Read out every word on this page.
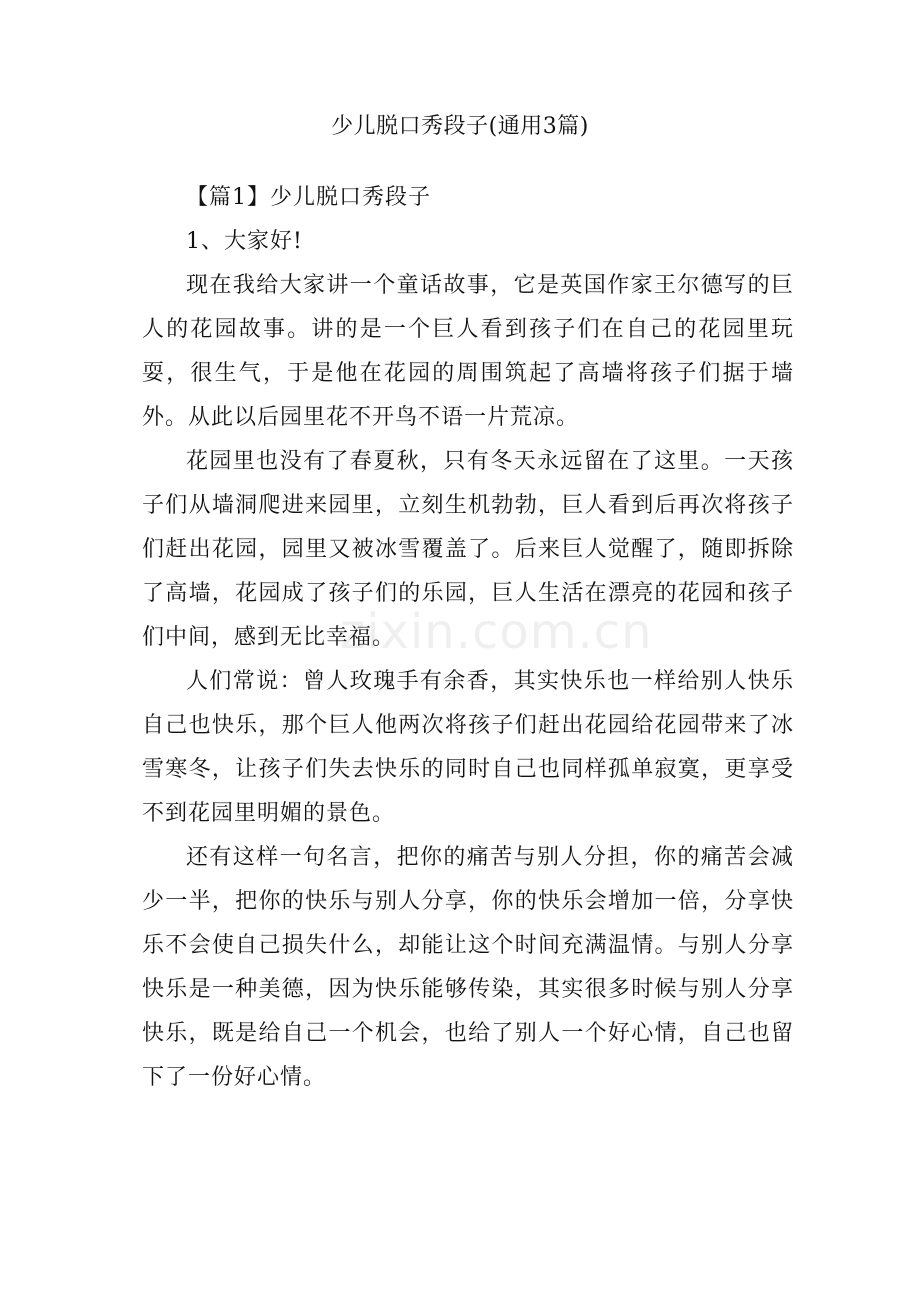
少儿脱口秀段子(通用3篇)

【篇1】少儿脱口秀段子

1、大家好!

现在我给大家讲一个童话故事，它是英国作家王尔德写的巨人的花园故事。讲的是一个巨人看到孩子们在自己的花园里玩耍，很生气，于是他在花园的周围筑起了高墙将孩子们据于墙外。从此以后园里花不开鸟不语一片荒凉。

花园里也没有了春夏秋，只有冬天永远留在了这里。一天孩子们从墙洞爬进来园里，立刻生机勃勃，巨人看到后再次将孩子们赶出花园，园里又被冰雪覆盖了。后来巨人觉醒了，随即拆除了高墙，花园成了孩子们的乐园，巨人生活在漂亮的花园和孩子们中间，感到无比幸福。

人们常说：曾人玫瑰手有余香，其实快乐也一样给别人快乐自己也快乐，那个巨人他两次将孩子们赶出花园给花园带来了冰雪寒冬，让孩子们失去快乐的同时自己也同样孤单寂寞，更享受不到花园里明媚的景色。

还有这样一句名言，把你的痛苦与别人分担，你的痛苦会减少一半，把你的快乐与别人分享，你的快乐会增加一倍，分享快乐不会使自己损失什么，却能让这个时间充满温情。与别人分享快乐是一种美德，因为快乐能够传染，其实很多时候与别人分享快乐，既是给自己一个机会，也给了别人一个好心情，自己也留下了一份好心情。

zixin.com.cn
